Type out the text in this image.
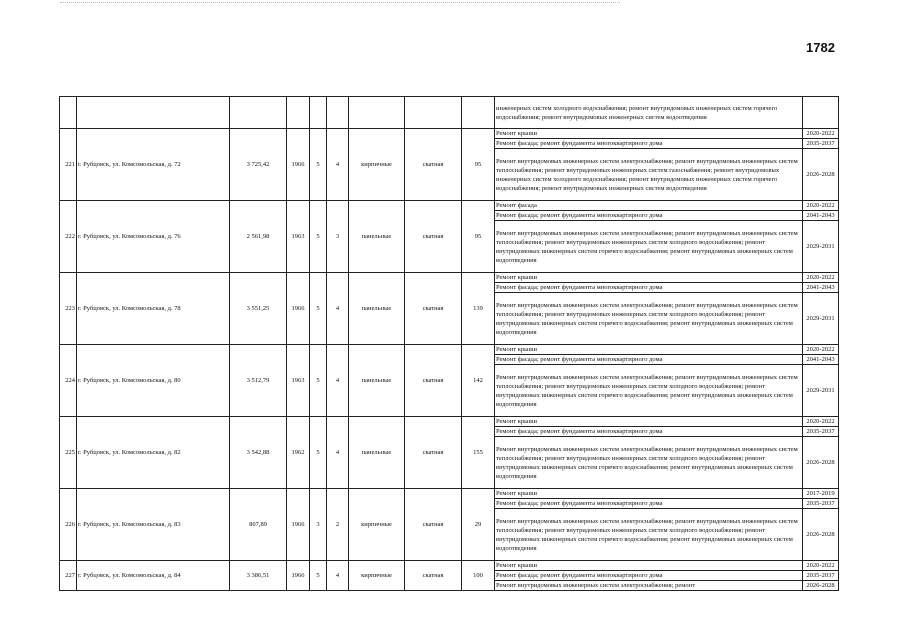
1782
									инженерных систем холодного водоснабжения; ремонт внутридомовых инженерных систем горячего водоснабжения; ремонт внутридомовых инженерных систем водоотведения	
221	г. Рубцовск, ул. Комсомольская, д. 72	3 725,42	1966	5	4	кирпичные	скатная	95	Ремонт крыши	2020-2022
									Ремонт фасада; ремонт фундамента многоквартирного дома	2035-2037
									Ремонт внутридомовых инженерных систем электроснабжения; ремонт внутридомовых инженерных систем теплоснабжения; ремонт внутридомовых инженерных систем газоснабжения; ремонт внутридомовых инженерных систем холодного водоснабжения; ремонт внутридомовых инженерных систем горячего водоснабжения; ремонт внутридомовых инженерных систем водоотведения	2026-2028
222	г. Рубцовск, ул. Комсомольская, д. 76	2 561,98	1963	5	3	панельные	скатная	95	Ремонт фасада	2020-2022
									Ремонт фасада; ремонт фундамента многоквартирного дома	2041-2043
									Ремонт внутридомовых инженерных систем электроснабжения; ремонт внутридомовых инженерных систем теплоснабжения; ремонт внутридомовых инженерных систем холодного водоснабжения; ремонт внутридомовых инженерных систем горячего водоснабжения; ремонт внутридомовых инженерных систем водоотведения	2029-2031
223	г. Рубцовск, ул. Комсомольская, д. 78	3 551,25	1966	5	4	панельные	скатная	139	Ремонт крыши	2020-2022
									Ремонт фасада; ремонт фундамента многоквартирного дома	2041-2043
									Ремонт внутридомовых инженерных систем электроснабжения; ремонт внутридомовых инженерных систем теплоснабжения; ремонт внутридомовых инженерных систем холодного водоснабжения; ремонт внутридомовых инженерных систем горячего водоснабжения; ремонт внутридомовых инженерных систем водоотведения	2029-2031
224	г. Рубцовск, ул. Комсомольская, д. 80	3 512,79	1963	5	4	панельные	скатная	142	Ремонт крыши	2020-2022
									Ремонт фасада; ремонт фундамента многоквартирного дома	2041-2043
									Ремонт внутридомовых инженерных систем электроснабжения; ремонт внутридомовых инженерных систем теплоснабжения; ремонт внутридомовых инженерных систем холодного водоснабжения; ремонт внутридомовых инженерных систем горячего водоснабжения; ремонт внутридомовых инженерных систем водоотведения	2029-2031
225	г. Рубцовск, ул. Комсомольская, д. 82	3 542,88	1962	5	4	панельные	скатная	155	Ремонт крыши	2020-2022
									Ремонт фасада; ремонт фундамента многоквартирного дома	2035-2037
									Ремонт внутридомовых инженерных систем электроснабжения; ремонт внутридомовых инженерных систем теплоснабжения; ремонт внутридомовых инженерных систем холодного водоснабжения; ремонт внутридомовых инженерных систем горячего водоснабжения; ремонт внутридомовых инженерных систем водоотведения	2026-2028
226	г. Рубцовск, ул. Комсомольская, д. 83	807,89	1966	3	2	кирпичные	скатная	29	Ремонт крыши	2017-2019
									Ремонт фасада; ремонт фундамента многоквартирного дома	2035-2037
									Ремонт внутридомовых инженерных систем электроснабжения; ремонт внутридомовых инженерных систем теплоснабжения; ремонт внутридомовых инженерных систем холодного водоснабжения; ремонт внутридомовых инженерных систем горячего водоснабжения; ремонт внутридомовых инженерных систем водоотведения	2026-2028
227	г. Рубцовск, ул. Комсомольская, д. 84	3 386,51	1966	5	4	кирпичные	скатная	100	Ремонт крыши	2020-2022
									Ремонт фасада; ремонт фундамента многоквартирного дома	2035-2037
									Ремонт внутридомовых инженерных систем электроснабжения; ремонт	2026-2028
